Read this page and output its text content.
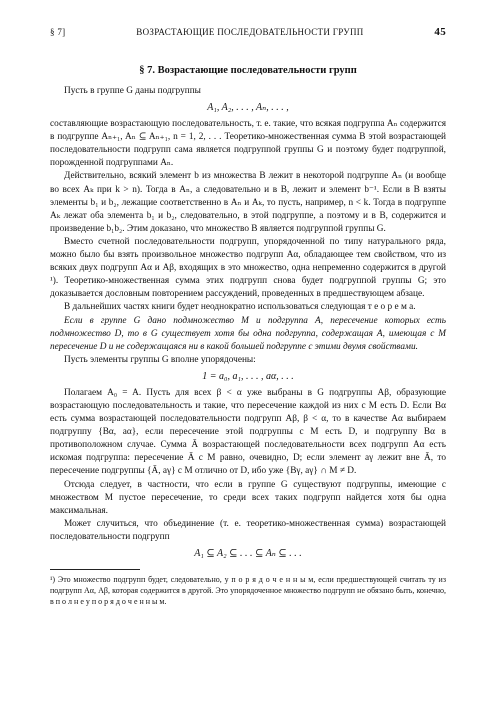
§ 7]	ВОЗРАСТАЮЩИЕ ПОСЛЕДОВАТЕЛЬНОСТИ ГРУПП	45
§ 7. Возрастающие последовательности групп

Пусть в группе G даны подгруппы

A₁, A₂, . . . , Aₙ, . . . ,

составляющие возрастающую последовательность, т. е. такие, что всякая подгруппа Aₙ содержится в подгруппе Aₙ₊₁, Aₙ ⊆ Aₙ₊₁, n = 1, 2, . . . Теоретико-множественная сумма B этой возрастающей последовательности подгрупп сама является подгруппой группы G и поэтому будет подгруппой, порожденной подгруппами Aₙ.

Действительно, всякий элемент b из множества B лежит в некоторой подгруппе Aₙ (и вообще во всех Aₖ при k > n). Тогда в Aₙ, а следовательно и в B, лежит и элемент b⁻¹. Если в B взяты элементы b₁ и b₂, лежащие соответственно в Aₙ и Aₖ, то пусть, например, n < k. Тогда в подгруппе Aₖ лежат оба элемента b₁ и b₂, следовательно, в этой подгруппе, а поэтому и в B, содержится и произведение b₁b₂. Этим доказано, что множество B является подгруппой группы G.

Вместо счетной последовательности подгрупп, упорядоченной по типу натурального ряда, можно было бы взять произвольное множество подгрупп Aα, обладающее тем свойством, что из всяких двух подгрупп Aα и Aβ, входящих в это множество, одна непременно содержится в другой ¹). Теоретико-множественная сумма этих подгрупп снова будет подгруппой группы G; это доказывается дословным повторением рассуждений, проведенных в предшествующем абзаце.

В дальнейших частях книги будет неоднократно использоваться следующая т е о р е м а.

Если в группе G дано подмножество M и подгруппа A, пересечение которых есть подмножество D, то в G существует хотя бы одна подгруппа, содержащая A, имеющая с M пересечение D и не содержащаяся ни в какой большей подгруппе с этими двумя свойствами.

Пусть элементы группы G вполне упорядочены:

1 = a₀, a₁, . . . , aα, . . .

Полагаем A₀ = A. Пусть для всех β < α уже выбраны в G подгруппы Aβ, образующие возрастающую последовательность и такие, что пересечение каждой из них с M есть D. Если Bα есть сумма возрастающей последовательности подгрупп Aβ, β < α, то в качестве Aα выбираем подгруппу {Bα, aα}, если пересечение этой подгруппы с M есть D, и подгруппу Bα в противоположном случае. Сумма Ā возрастающей последовательности всех подгрупп Aα есть искомая подгруппа: пересечение Ā с M равно, очевидно, D; если элемент aγ лежит вне Ā, то пересечение подгруппы {Ā, aγ} с M отлично от D, ибо уже {Bγ, aγ} ∩ M ≠ D.

Отсюда следует, в частности, что если в группе G существуют подгруппы, имеющие с множеством M пустое пересечение, то среди всех таких подгрупп найдется хотя бы одна максимальная.

Может случиться, что объединение (т. е. теоретико-множественная сумма) возрастающей последовательности подгрупп

A₁ ⊆ A₂ ⊆ . . . ⊆ Aₙ ⊆ . . .

¹) Это множество подгрупп будет, следовательно, у п о р я д о ч е н н ы м, если предшествующей считать ту из подгрупп Aα, Aβ, которая содержится в другой. Это упорядоченное множество подгрупп не обязано быть, конечно, в п о л н е у п о р я д о ч е н н ы м.
